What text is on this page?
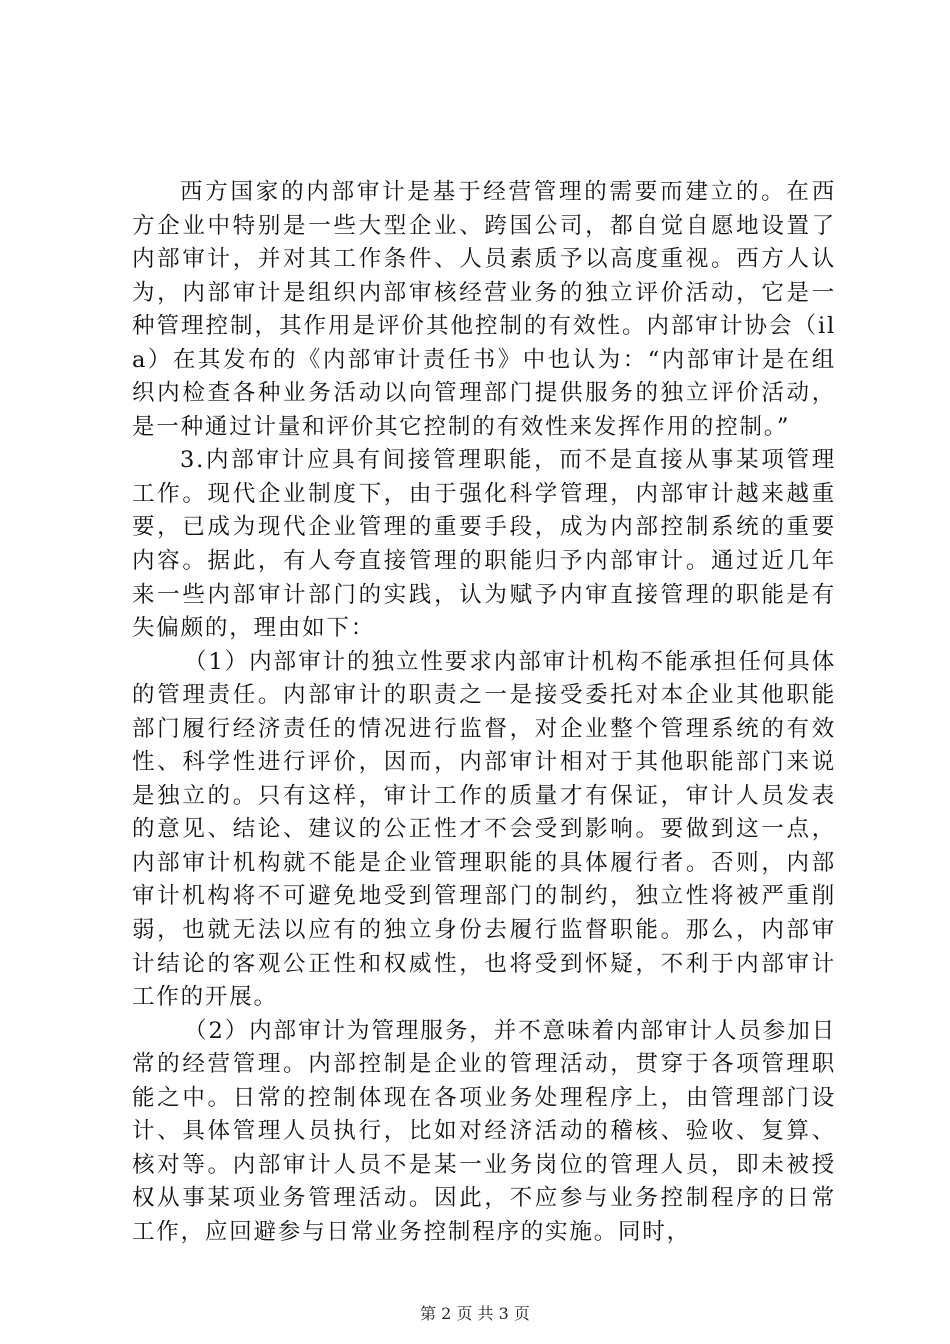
西方国家的内部审计是基于经营管理的需要而建立的。在西方企业中特别是一些大型企业、跨国公司，都自觉自愿地设置了内部审计，并对其工作条件、人员素质予以高度重视。西方人认为，内部审计是组织内部审核经营业务的独立评价活动，它是一种管理控制，其作用是评价其他控制的有效性。内部审计协会（ila）在其发布的《内部审计责任书》中也认为：“内部审计是在组织内检查各种业务活动以向管理部门提供服务的独立评价活动，是一种通过计量和评价其它控制的有效性来发挥作用的控制。”

3.内部审计应具有间接管理职能，而不是直接从事某项管理工作。现代企业制度下，由于强化科学管理，内部审计越来越重要，已成为现代企业管理的重要手段，成为内部控制系统的重要内容。据此，有人夸直接管理的职能归予内部审计。通过近几年来一些内部审计部门的实践，认为赋予内审直接管理的职能是有失偏颇的，理由如下：

（1）内部审计的独立性要求内部审计机构不能承担任何具体的管理责任。内部审计的职责之一是接受委托对本企业其他职能部门履行经济责任的情况进行监督，对企业整个管理系统的有效性、科学性进行评价，因而，内部审计相对于其他职能部门来说是独立的。只有这样，审计工作的质量才有保证，审计人员发表的意见、结论、建议的公正性才不会受到影响。要做到这一点，内部审计机构就不能是企业管理职能的具体履行者。否则，内部审计机构将不可避免地受到管理部门的制约，独立性将被严重削弱，也就无法以应有的独立身份去履行监督职能。那么，内部审计结论的客观公正性和权威性，也将受到怀疑，不利于内部审计工作的开展。

（2）内部审计为管理服务，并不意味着内部审计人员参加日常的经营管理。内部控制是企业的管理活动，贯穿于各项管理职能之中。日常的控制体现在各项业务处理程序上，由管理部门设计、具体管理人员执行，比如对经济活动的稽核、验收、复算、核对等。内部审计人员不是某一业务岗位的管理人员，即未被授权从事某项业务管理活动。因此，不应参与业务控制程序的日常工作，应回避参与日常业务控制程序的实施。同时，

第 2 页 共 3 页
